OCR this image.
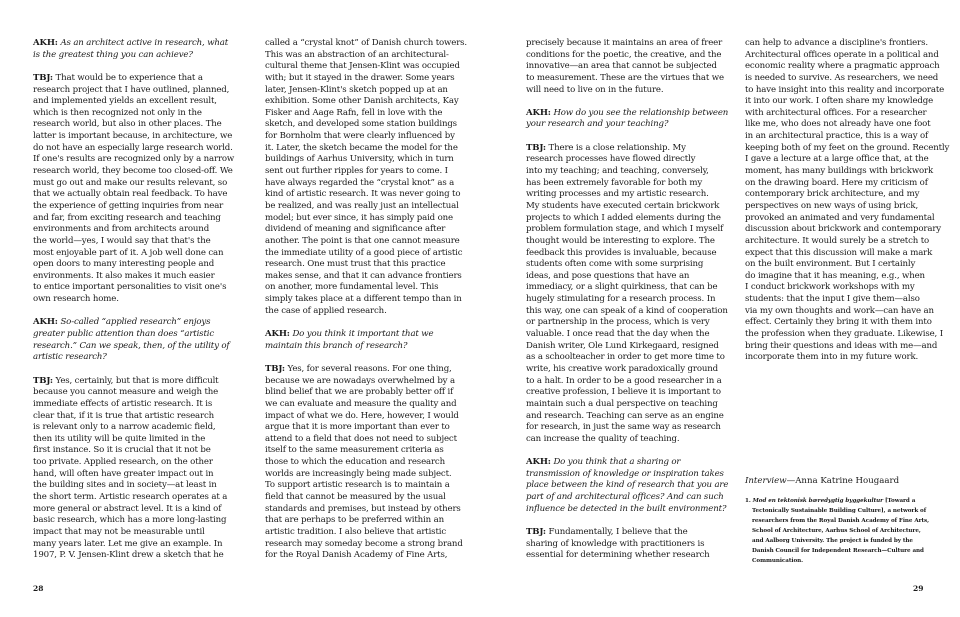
AKH: As an architect active in research, what
is the greatest thing you can achieve?
TBJ: That would be to experience that a
research project that I have outlined, planned,
and implemented yields an excellent result,
which is then recognized not only in the
research world, but also in other places. The
latter is important because, in architecture, we
do not have an especially large research world.
If one's results are recognized only by a narrow
research world, they become too closed-off. We
must go out and make our results relevant, so
that we actually obtain real feedback. To have
the experience of getting inquiries from near
and far, from exciting research and teaching
environments and from architects around
the world—yes, I would say that that's the
most enjoyable part of it. A job well done can
open doors to many interesting people and
environments. It also makes it much easier
to entice important personalities to visit one's
own research home.
AKH: So-called “applied research” enjoys
greater public attention than does “artistic
research.” Can we speak, then, of the utility of
artistic research?
TBJ: Yes, certainly, but that is more difficult
because you cannot measure and weigh the
immediate effects of artistic research. It is
clear that, if it is true that artistic research
is relevant only to a narrow academic field,
then its utility will be quite limited in the
first instance. So it is crucial that it not be
too private. Applied research, on the other
hand, will often have greater impact out in
the building sites and in society—at least in
the short term. Artistic research operates at a
more general or abstract level. It is a kind of
basic research, which has a more long-lasting
impact that may not be measurable until
many years later. Let me give an example. In
1907, P. V. Jensen-Klint drew a sketch that he
called a “crystal knot” of Danish church towers.
This was an abstraction of an architectural-
cultural theme that Jensen-Klint was occupied
with; but it stayed in the drawer. Some years
later, Jensen-Klint's sketch popped up at an
exhibition. Some other Danish architects, Kay
Fisker and Aage Rafn, fell in love with the
sketch, and developed some station buildings
for Bornholm that were clearly influenced by
it. Later, the sketch became the model for the
buildings of Aarhus University, which in turn
sent out further ripples for years to come. I
have always regarded the “crystal knot” as a
kind of artistic research. It was never going to
be realized, and was really just an intellectual
model; but ever since, it has simply paid one
dividend of meaning and significance after
another. The point is that one cannot measure
the immediate utility of a good piece of artistic
research. One must trust that this practice
makes sense, and that it can advance frontiers
on another, more fundamental level. This
simply takes place at a different tempo than in
the case of applied research.
AKH: Do you think it important that we
maintain this branch of research?
TBJ: Yes, for several reasons. For one thing,
because we are nowadays overwhelmed by a
blind belief that we are probably better off if
we can evaluate and measure the quality and
impact of what we do. Here, however, I would
argue that it is more important than ever to
attend to a field that does not need to subject
itself to the same measurement criteria as
those to which the education and research
worlds are increasingly being made subject.
To support artistic research is to maintain a
field that cannot be measured by the usual
standards and premises, but instead by others
that are perhaps to be preferred within an
artistic tradition. I also believe that artistic
research may someday become a strong brand
for the Royal Danish Academy of Fine Arts,
precisely because it maintains an area of freer
conditions for the poetic, the creative, and the
innovative—an area that cannot be subjected
to measurement. These are the virtues that we
will need to live on in the future.
AKH: How do you see the relationship between
your research and your teaching?
TBJ: There is a close relationship. My
research processes have flowed directly
into my teaching; and teaching, conversely,
has been extremely favorable for both my
writing processes and my artistic research.
My students have executed certain brickwork
projects to which I added elements during the
problem formulation stage, and which I myself
thought would be interesting to explore. The
feedback this provides is invaluable, because
students often come with some surprising
ideas, and pose questions that have an
immediacy, or a slight quirkiness, that can be
hugely stimulating for a research process. In
this way, one can speak of a kind of cooperation
or partnership in the process, which is very
valuable. I once read that the day when the
Danish writer, Ole Lund Kirkegaard, resigned
as a schoolteacher in order to get more time to
write, his creative work paradoxically ground
to a halt. In order to be a good researcher in a
creative profession, I believe it is important to
maintain such a dual perspective on teaching
and research. Teaching can serve as an engine
for research, in just the same way as research
can increase the quality of teaching.
AKH: Do you think that a sharing or
transmission of knowledge or inspiration takes
place between the kind of research that you are
part of and architectural offices? And can such
influence be detected in the built environment?
TBJ: Fundamentally, I believe that the
sharing of knowledge with practitioners is
essential for determining whether research
can help to advance a discipline's frontiers.
Architectural offices operate in a political and
economic reality where a pragmatic approach
is needed to survive. As researchers, we need
to have insight into this reality and incorporate
it into our work. I often share my knowledge
with architectural offices. For a researcher
like me, who does not already have one foot
in an architectural practice, this is a way of
keeping both of my feet on the ground. Recently
I gave a lecture at a large office that, at the
moment, has many buildings with brickwork
on the drawing board. Here my criticism of
contemporary brick architecture, and my
perspectives on new ways of using brick,
provoked an animated and very fundamental
discussion about brickwork and contemporary
architecture. It would surely be a stretch to
expect that this discussion will make a mark
on the built environment. But I certainly
do imagine that it has meaning, e.g., when
I conduct brickwork workshops with my
students: that the input I give them—also
via my own thoughts and work—can have an
effect. Certainly they bring it with them into
the profession when they graduate. Likewise, I
bring their questions and ideas with me—and
incorporate them into in my future work.
Interview—Anna Katrine Hougaard
1. Mod en tektonisk bæredygtig byggekultur [Toward a
Tectonically Sustainable Building Culture], a network of
researchers from the Royal Danish Academy of Fine Arts,
School of Architecture, Aarhus School of Architecture,
and Aalborg University. The project is funded by the
Danish Council for Independent Research—Culture and
Communication.
28	29
